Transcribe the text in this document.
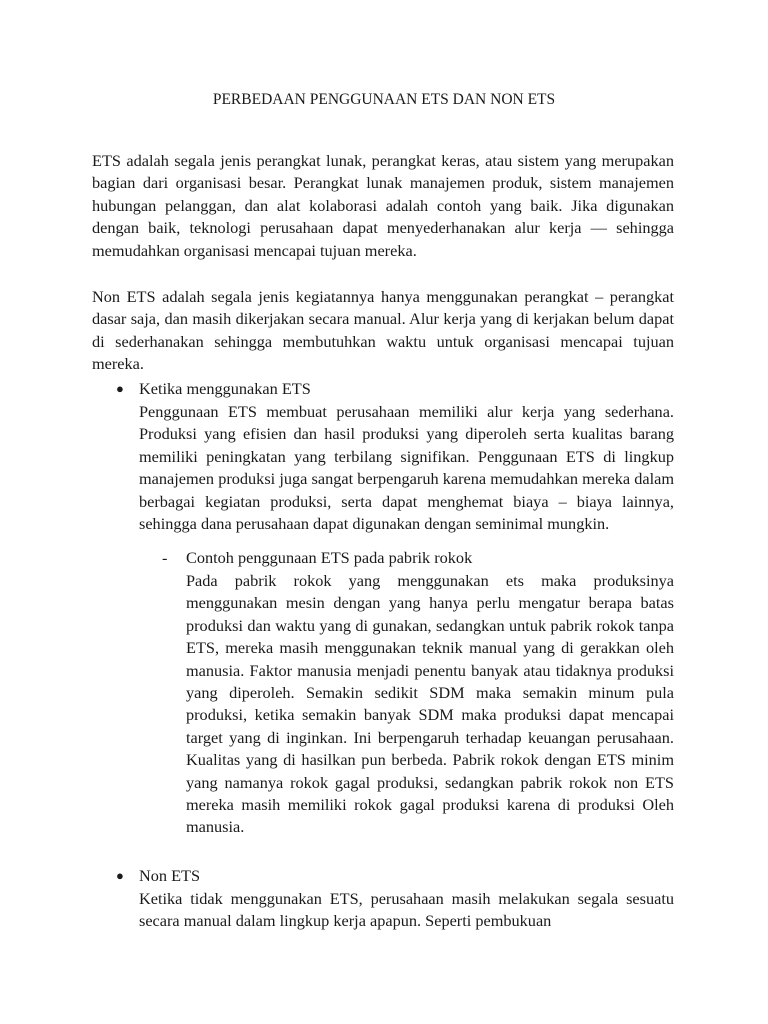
PERBEDAAN PENGGUNAAN ETS DAN NON ETS

ETS adalah segala jenis perangkat lunak, perangkat keras, atau sistem yang merupakan bagian dari organisasi besar. Perangkat lunak manajemen produk, sistem manajemen hubungan pelanggan, dan alat kolaborasi adalah contoh yang baik. Jika digunakan dengan baik, teknologi perusahaan dapat menyederhanakan alur kerja — sehingga memudahkan organisasi mencapai tujuan mereka.

Non ETS adalah segala jenis kegiatannya hanya menggunakan perangkat – perangkat dasar saja, dan masih dikerjakan secara manual. Alur kerja yang di kerjakan belum dapat di sederhanakan sehingga membutuhkan waktu untuk organisasi mencapai tujuan mereka.

● Ketika menggunakan ETS

Penggunaan ETS membuat perusahaan memiliki alur kerja yang sederhana. Produksi yang efisien dan hasil produksi yang diperoleh serta kualitas barang memiliki peningkatan yang terbilang signifikan. Penggunaan ETS di lingkup manajemen produksi juga sangat berpengaruh karena memudahkan mereka dalam berbagai kegiatan produksi, serta dapat menghemat biaya – biaya lainnya, sehingga dana perusahaan dapat digunakan dengan seminimal mungkin.

- Contoh penggunaan ETS pada pabrik rokok

Pada pabrik rokok yang menggunakan ets maka produksinya menggunakan mesin dengan yang hanya perlu mengatur berapa batas produksi dan waktu yang di gunakan, sedangkan untuk pabrik rokok tanpa ETS, mereka masih menggunakan teknik manual yang di gerakkan oleh manusia. Faktor manusia menjadi penentu banyak atau tidaknya produksi yang diperoleh. Semakin sedikit SDM maka semakin minum pula produksi, ketika semakin banyak SDM maka produksi dapat mencapai target yang di inginkan. Ini berpengaruh terhadap keuangan perusahaan. Kualitas yang di hasilkan pun berbeda. Pabrik rokok dengan ETS minim yang namanya rokok gagal produksi, sedangkan pabrik rokok non ETS mereka masih memiliki rokok gagal produksi karena di produksi Oleh manusia.

● Non ETS

Ketika tidak menggunakan ETS, perusahaan masih melakukan segala sesuatu secara manual dalam lingkup kerja apapun. Seperti pembukuan
